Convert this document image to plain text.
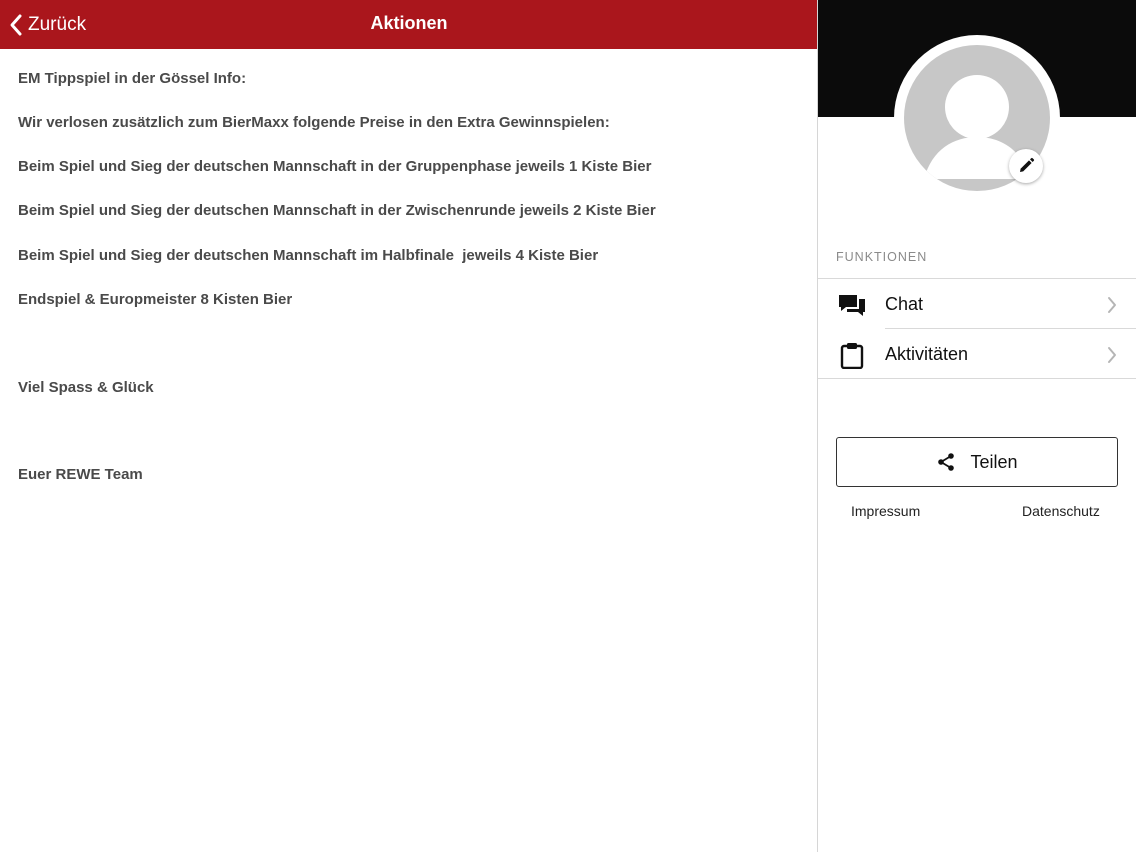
Zurück	Aktionen
EM Tippspiel in der Gössel Info:
Wir verlosen zusätzlich zum BierMaxx folgende Preise in den Extra Gewinnspielen:
Beim Spiel und Sieg der deutschen Mannschaft in der Gruppenphase jeweils 1 Kiste Bier
Beim Spiel und Sieg der deutschen Mannschaft in der Zwischenrunde jeweils 2 Kiste Bier
Beim Spiel und Sieg der deutschen Mannschaft im Halbfinale  jeweils 4 Kiste Bier
Endspiel & Europmeister 8 Kisten Bier
Viel Spass & Glück
Euer REWE Team
FUNKTIONEN
Chat
Aktivitäten
Teilen
Impressum	Datenschutz
